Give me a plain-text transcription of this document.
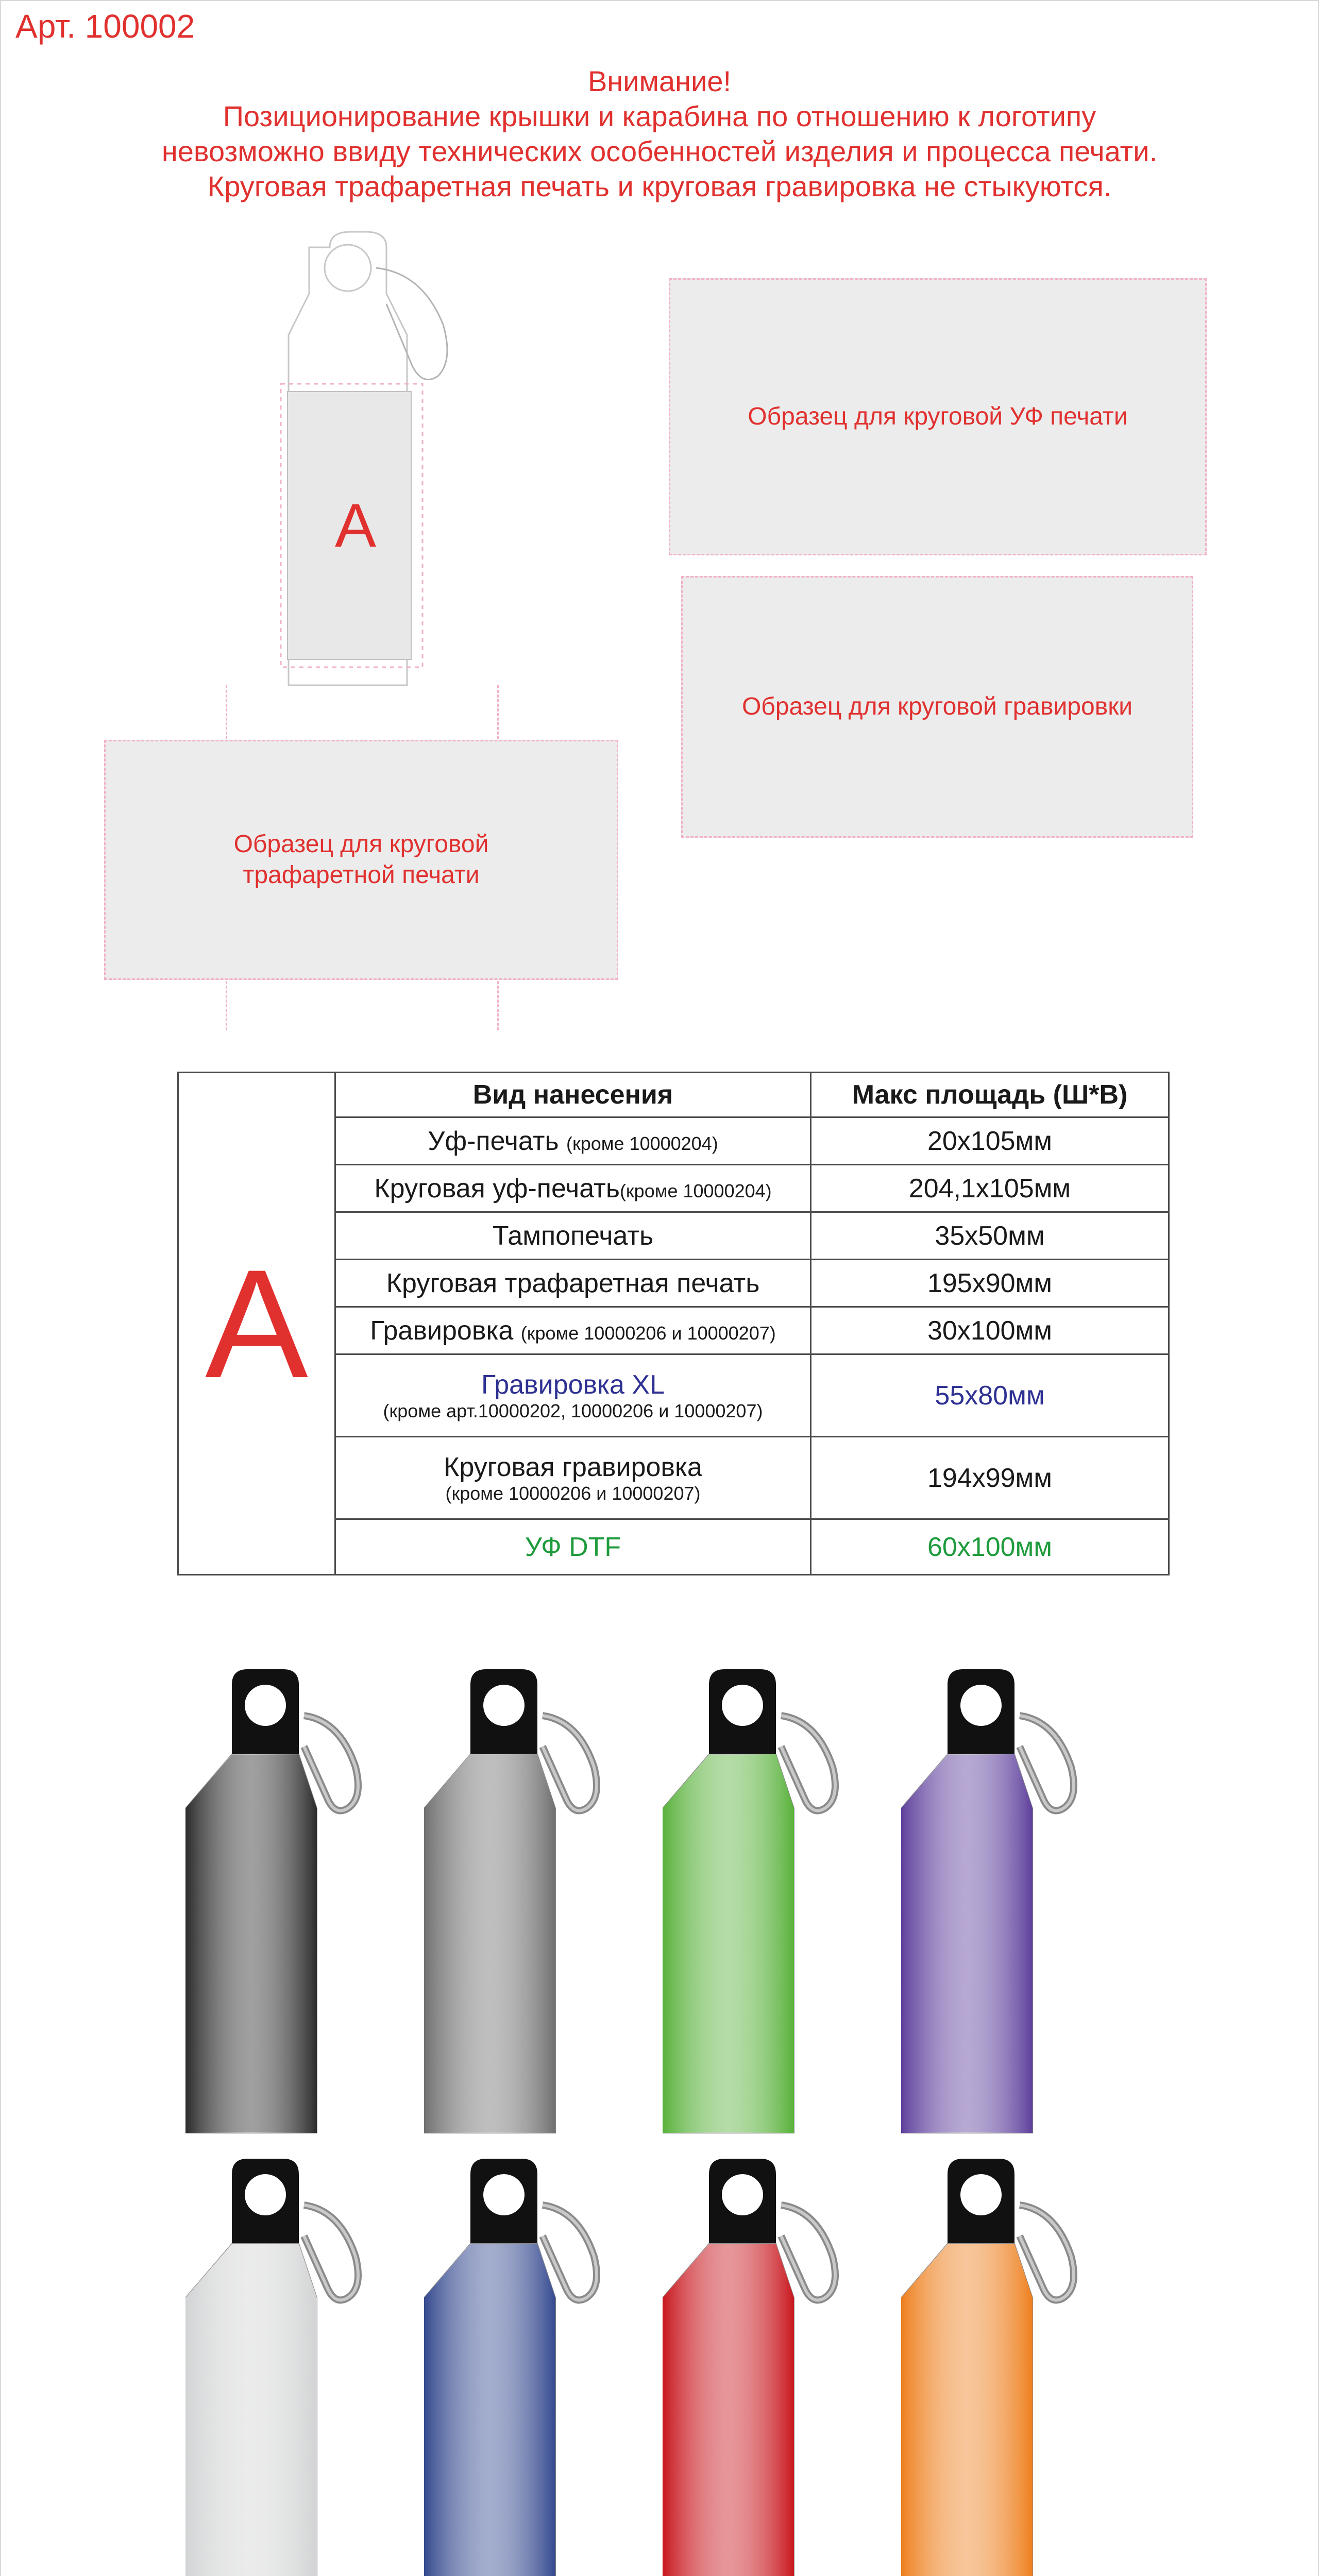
Арт. 100002
Внимание!
Позиционирование крышки и карабина по отношению к логотипу
невозможно ввиду технических особенностей изделия и процесса печати.
Круговая трафаретная печать и круговая гравировка не стыкуются.
A
Образец для круговой УФ печати
Образец для круговой гравировки
Образец для круговой
трафаретной печати
A	Вид нанесения	Макс площадь (Ш*В)
	Уф-печать (кроме 10000204)	20x105мм
	Круговая уф-печать(кроме 10000204)	204,1x105мм
	Тампопечать	35x50мм
	Круговая трафаретная печать	195x90мм
	Гравировка (кроме 10000206 и 10000207)	30x100мм

	Гравировка XL
(кроме арт.10000202, 10000206 и 10000207)	55x80мм

	Круговая гравировка
(кроме 10000206 и 10000207)	194x99мм
	УФ DTF	60x100мм
